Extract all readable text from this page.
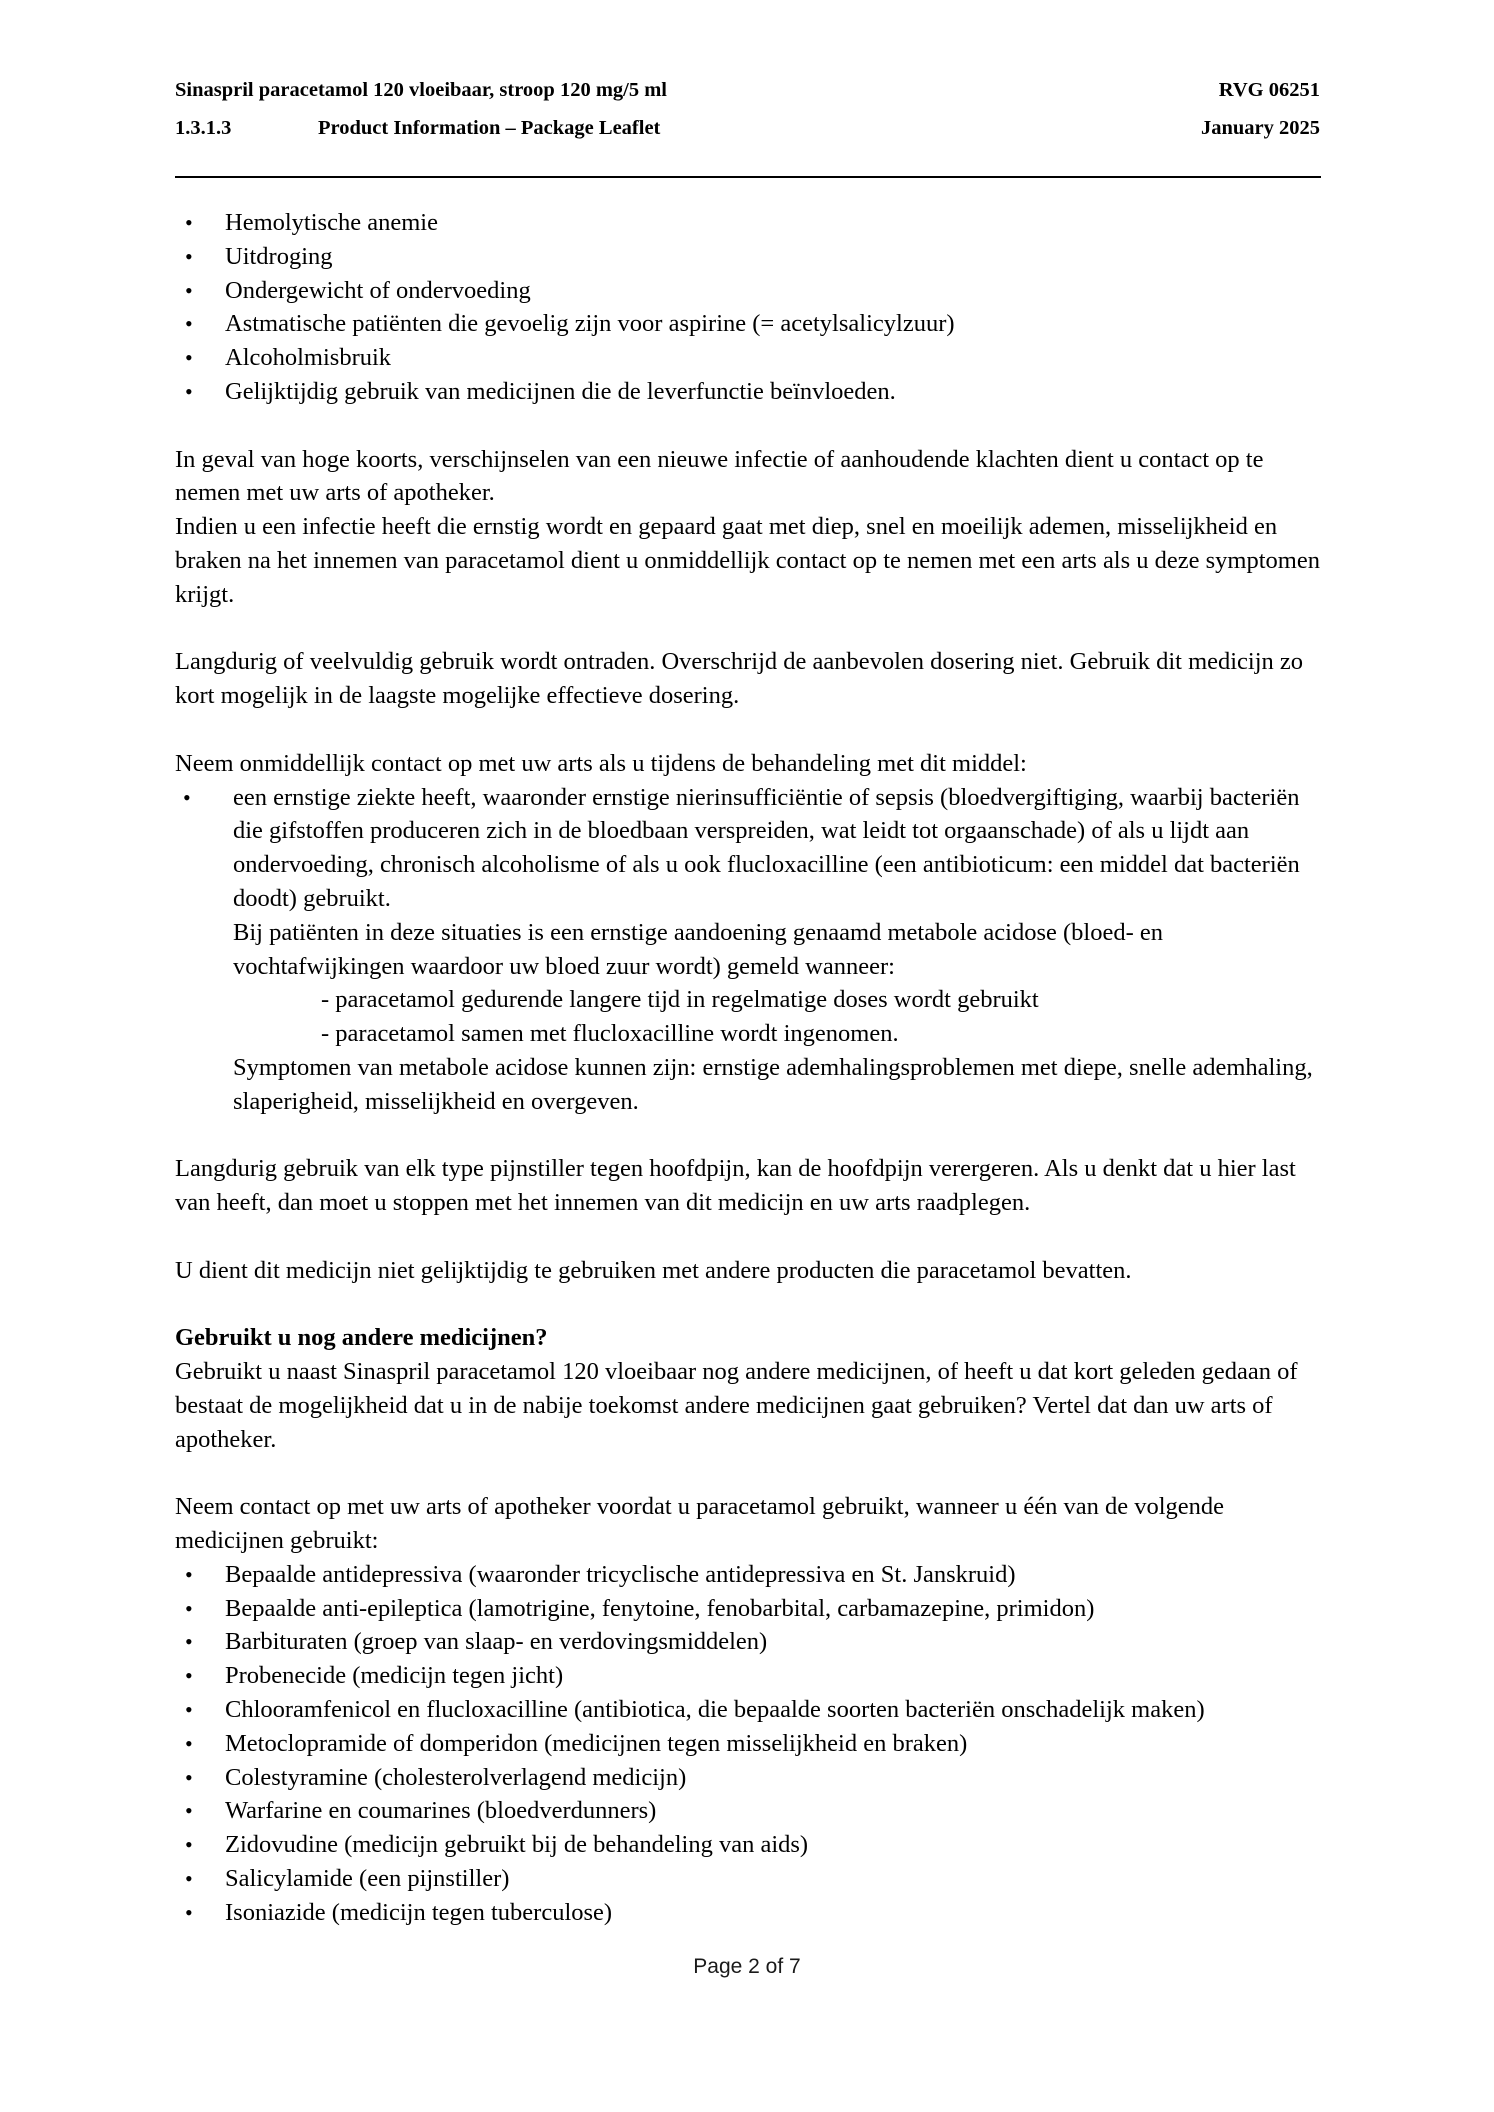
Sinaspril paracetamol 120 vloeibaar, stroop 120 mg/5 ml	RVG 06251
1.3.1.3	Product Information – Package Leaflet	January 2025
• Hemolytische anemie
• Uitdroging
• Ondergewicht of ondervoeding
• Astmatische patiënten die gevoelig zijn voor aspirine (= acetylsalicylzuur)
• Alcoholmisbruik
• Gelijktijdig gebruik van medicijnen die de leverfunctie beïnvloeden.

In geval van hoge koorts, verschijnselen van een nieuwe infectie of aanhoudende klachten dient u contact op te nemen met uw arts of apotheker.

Indien u een infectie heeft die ernstig wordt en gepaard gaat met diep, snel en moeilijk ademen, misselijkheid en braken na het innemen van paracetamol dient u onmiddellijk contact op te nemen met een arts als u deze symptomen krijgt.

Langdurig of veelvuldig gebruik wordt ontraden. Overschrijd de aanbevolen dosering niet. Gebruik dit medicijn zo kort mogelijk in de laagste mogelijke effectieve dosering.

Neem onmiddellijk contact op met uw arts als u tijdens de behandeling met dit middel:

• een ernstige ziekte heeft, waaronder ernstige nierinsufficiëntie of sepsis (bloedvergiftiging, waarbij bacteriën die gifstoffen produceren zich in de bloedbaan verspreiden, wat leidt tot orgaanschade) of als u lijdt aan ondervoeding, chronisch alcoholisme of als u ook flucloxacilline (een antibioticum: een middel dat bacteriën doodt) gebruikt.

Bij patiënten in deze situaties is een ernstige aandoening genaamd metabole acidose (bloed- en vochtafwijkingen waardoor uw bloed zuur wordt) gemeld wanneer:

- paracetamol gedurende langere tijd in regelmatige doses wordt gebruikt

- paracetamol samen met flucloxacilline wordt ingenomen.

Symptomen van metabole acidose kunnen zijn: ernstige ademhalingsproblemen met diepe, snelle ademhaling, slaperigheid, misselijkheid en overgeven.

Langdurig gebruik van elk type pijnstiller tegen hoofdpijn, kan de hoofdpijn verergeren. Als u denkt dat u hier last van heeft, dan moet u stoppen met het innemen van dit medicijn en uw arts raadplegen.

U dient dit medicijn niet gelijktijdig te gebruiken met andere producten die paracetamol bevatten.

Gebruikt u nog andere medicijnen?

Gebruikt u naast Sinaspril paracetamol 120 vloeibaar nog andere medicijnen, of heeft u dat kort geleden gedaan of bestaat de mogelijkheid dat u in de nabije toekomst andere medicijnen gaat gebruiken? Vertel dat dan uw arts of apotheker.

Neem contact op met uw arts of apotheker voordat u paracetamol gebruikt, wanneer u één van de volgende medicijnen gebruikt:

• Bepaalde antidepressiva (waaronder tricyclische antidepressiva en St. Janskruid)
• Bepaalde anti-epileptica (lamotrigine, fenytoine, fenobarbital, carbamazepine, primidon)
• Barbituraten (groep van slaap- en verdovingsmiddelen)
• Probenecide (medicijn tegen jicht)
• Chlooramfenicol en flucloxacilline (antibiotica, die bepaalde soorten bacteriën onschadelijk maken)
• Metoclopramide of domperidon (medicijnen tegen misselijkheid en braken)
• Colestyramine (cholesterolverlagend medicijn)
• Warfarine en coumarines (bloedverdunners)
• Zidovudine (medicijn gebruikt bij de behandeling van aids)
• Salicylamide (een pijnstiller)
• Isoniazide (medicijn tegen tuberculose)
Page 2 of 7
